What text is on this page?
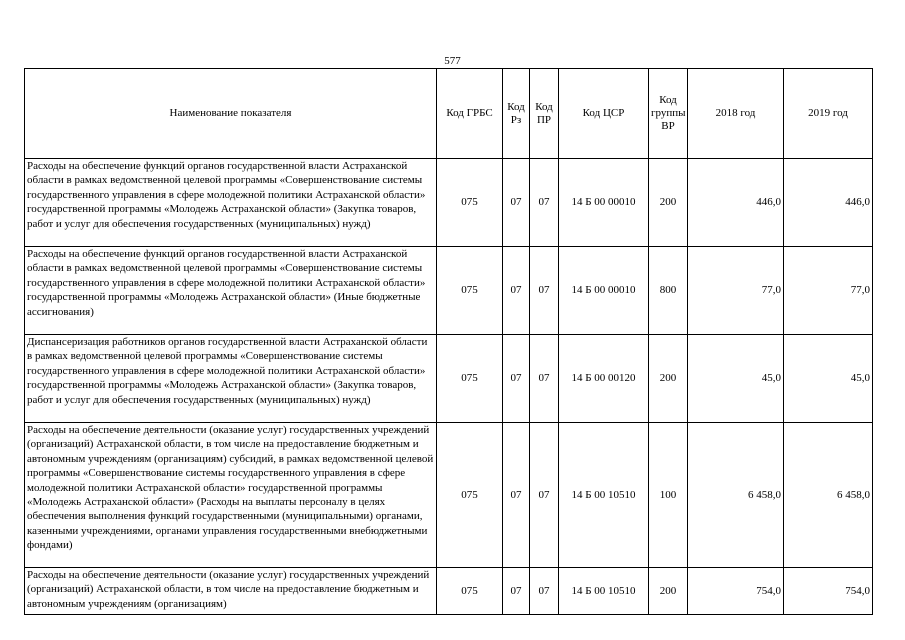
577
Наименование показателя	Код ГРБС	Код Рз	Код ПР	Код ЦСР	Код группы ВР	2018 год	2019 год
Расходы на обеспечение функций органов государственной власти Астраханской области в рамках ведомственной целевой программы «Совершенствование системы государственного управления в сфере молодежной политики Астраханской области» государственной программы «Молодежь Астраханской области» (Закупка товаров, работ и услуг для обеспечения государственных (муниципальных) нужд)	075	07	07	14 Б 00 00010	200	446,0	446,0
Расходы на обеспечение функций органов государственной власти Астраханской области в рамках ведомственной целевой программы «Совершенствование системы государственного управления в сфере молодежной политики Астраханской области» государственной программы «Молодежь Астраханской области» (Иные бюджетные ассигнования)	075	07	07	14 Б 00 00010	800	77,0	77,0
Диспансеризация работников органов государственной власти Астраханской области в рамках ведомственной целевой программы «Совершенствование системы государственного управления в сфере молодежной политики Астраханской области» государственной программы «Молодежь Астраханской области» (Закупка товаров, работ и услуг для обеспечения государственных (муниципальных) нужд)	075	07	07	14 Б 00 00120	200	45,0	45,0
Расходы на обеспечение деятельности (оказание услуг) государственных учреждений (организаций) Астраханской области, в том числе на предоставление бюджетным и автономным учреждениям (организациям) субсидий, в рамках ведомственной целевой программы «Совершенствование системы государственного управления в сфере молодежной политики Астраханской области» государственной программы «Молодежь Астраханской области» (Расходы на выплаты персоналу в целях обеспечения выполнения функций государственными (муниципальными) органами, казенными учреждениями, органами управления государственными внебюджетными фондами)	075	07	07	14 Б 00 10510	100	6 458,0	6 458,0
Расходы на обеспечение деятельности (оказание услуг) государственных учреждений (организаций) Астраханской области, в том числе на предоставление бюджетным и автономным учреждениям (организациям)	075	07	07	14 Б 00 10510	200	754,0	754,0
